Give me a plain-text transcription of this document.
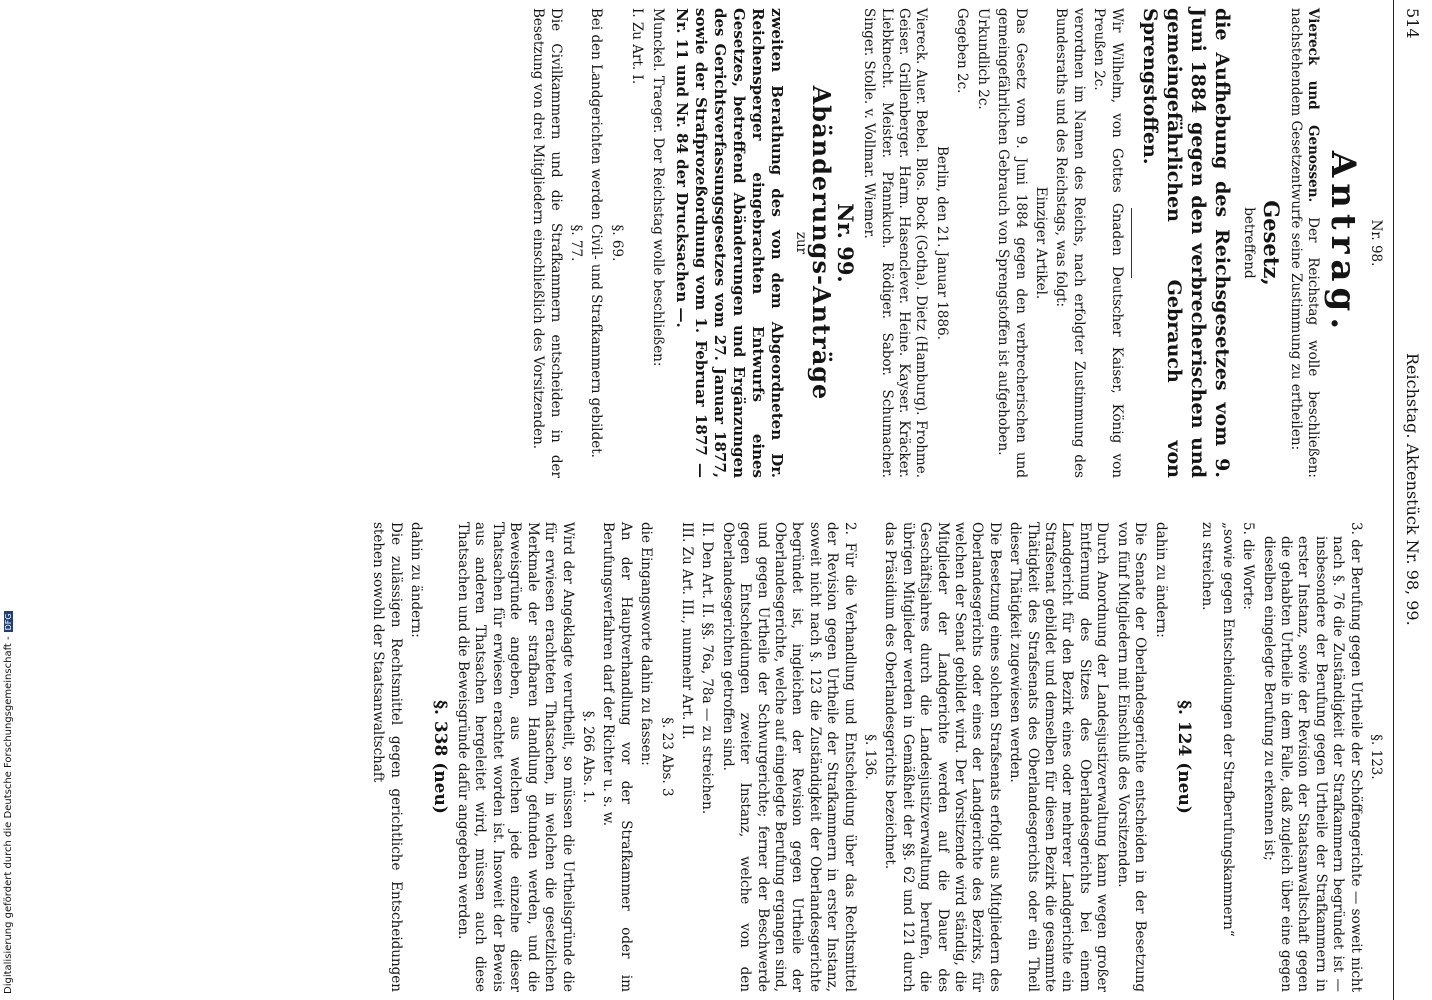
514
Reichstag. Aktenstück Nr. 98, 99.
Nr. 98.
Antrag.
Viereck und Genossen. Der Reichstag wolle beschließen: nachstehendem Gesetzentwurfe seine Zustimmung zu ertheilen:
Gesetz,
betreffend
die Aufhebung des Reichsgesetzes vom 9. Juni 1884 gegen den verbrecherischen und gemeingefährlichen Gebrauch von Sprengstoffen.
Wir Wilhelm, von Gottes Gnaden Deutscher Kaiser, König von Preußen 2c.
verordnen im Namen des Reichs, nach erfolgter Zustimmung des Bundesraths und des Reichstags, was folgt:
Einziger Artikel.
Das Gesetz vom 9. Juni 1884 gegen den verbrecherischen und gemeingefährlichen Gebrauch von Sprengstoffen ist aufgehoben.
Urkundlich 2c.
Gegeben 2c.
Berlin, den 21. Januar 1886.
Viereck. Auer. Bebel. Blos. Bock (Gotha). Dietz (Hamburg). Frohme. Geiser. Grillenberger. Harm. Hasenclever. Heine. Kayser. Kräcker. Liebknecht. Meister. Pfannkuch. Rödiger. Sabor. Schumacher. Singer. Stolle. v. Vollmar. Wiemer.
Nr. 99.
Abänderungs-Anträge
zur
zweiten Berathung des von dem Abgeordneten Dr. Reichensperger eingebrachten Entwurfs eines Gesetzes, betreffend Abänderungen und Ergänzungen des Gerichtsverfassungsgesetzes vom 27. Januar 1877, sowie der Strafprozeßordnung vom 1. Februar 1877 — Nr. 11 und Nr. 84 der Drucksachen —.
Munckel. Traeger. Der Reichstag wolle beschließen:
I. Zu Art. I.
§. 69.
Bei den Landgerichten werden Civil- und Strafkammern gebildet.
§. 77.
Die Civilkammern und die Strafkammern entscheiden in der Besetzung von drei Mitgliedern einschließlich des Vorsitzenden.
§. 123.
3. der Berufung gegen Urtheile der Schöffengerichte — soweit nicht nach §. 76 die Zuständigkeit der Strafkammern begründet ist — insbesondere der Berufung gegen Urtheile der Strafkammern in erster Instanz, sowie der Revision der Staatsanwaltschaft gegen die gehabten Urtheile in dem Falle, daß zugleich über eine gegen dieselben eingelegte Berufung zu erkennen ist;
5. die Worte:
„sowie gegen Entscheidungen der Strafberufungskammern“
zu streichen.
§. 124 (neu)
dahin zu ändern:
Die Senate der Oberlandesgerichte entscheiden in der Besetzung von fünf Mitgliedern mit Einschluß des Vorsitzenden.
Durch Anordnung der Landesjustizverwaltung kann wegen großer Entfernung des Sitzes des Oberlandesgerichts bei einem Landgericht für den Bezirk eines oder mehrerer Landgerichte ein Strafsenat gebildet und demselben für diesen Bezirk die gesammte Thätigkeit des Strafsenats des Oberlandesgerichts oder ein Theil dieser Thätigkeit zugewiesen werden.
Die Besetzung eines solchen Strafsenats erfolgt aus Mitgliedern des Oberlandesgerichts oder eines der Landgerichte des Bezirks, für welchen der Senat gebildet wird. Der Vorsitzende wird ständig, die Mitglieder der Landgerichte werden auf die Dauer des Geschäftsjahres durch die Landesjustizverwaltung berufen, die übrigen Mitglieder werden in Gemäßheit der §§. 62 und 121 durch das Präsidium des Oberlandesgerichts bezeichnet.
§. 136.
2. Für die Verhandlung und Entscheidung über das Rechtsmittel der Revision gegen Urtheile der Strafkammern in erster Instanz, soweit nicht nach §. 123 die Zuständigkeit der Oberlandesgerichte begründet ist, ingleichen der Revision gegen Urtheile der Oberlandesgerichte, welche auf eingelegte Berufung ergangen sind, und gegen Urtheile der Schwurgerichte; ferner der Beschwerde gegen Entscheidungen zweiter Instanz, welche von den Oberlandesgerichten getroffen sind.
II. Den Art. II. §§. 76a, 78a — zu streichen.
III. Zu Art. III., nunmehr Art. II.
§. 23 Abs. 3
die Eingangsworte dahin zu fassen:
An der Hauptverhandlung vor der Strafkammer oder im Berufungsverfahren darf der Richter u. s. w.
§. 266 Abs. 1.
Wird der Angeklagte verurtheilt, so müssen die Urtheilsgründe die für erwiesen erachteten Thatsachen, in welchen die gesetzlichen Merkmale der strafbaren Handlung gefunden werden, und die Beweisgründe angeben, aus welchen jede einzelne dieser Thatsachen für erwiesen erachtet worden ist. Insoweit der Beweis aus anderen Thatsachen hergeleitet wird, müssen auch diese Thatsachen und die Beweisgründe dafür angegeben werden.
§. 338 (neu)
dahin zu ändern:
Die zulässigen Rechtsmittel gegen gerichtliche Entscheidungen stehen sowohl der Staatsanwaltschaft
Digitalisierung gefördert durch die Deutsche Forschungsgemeinschaft -DFG
